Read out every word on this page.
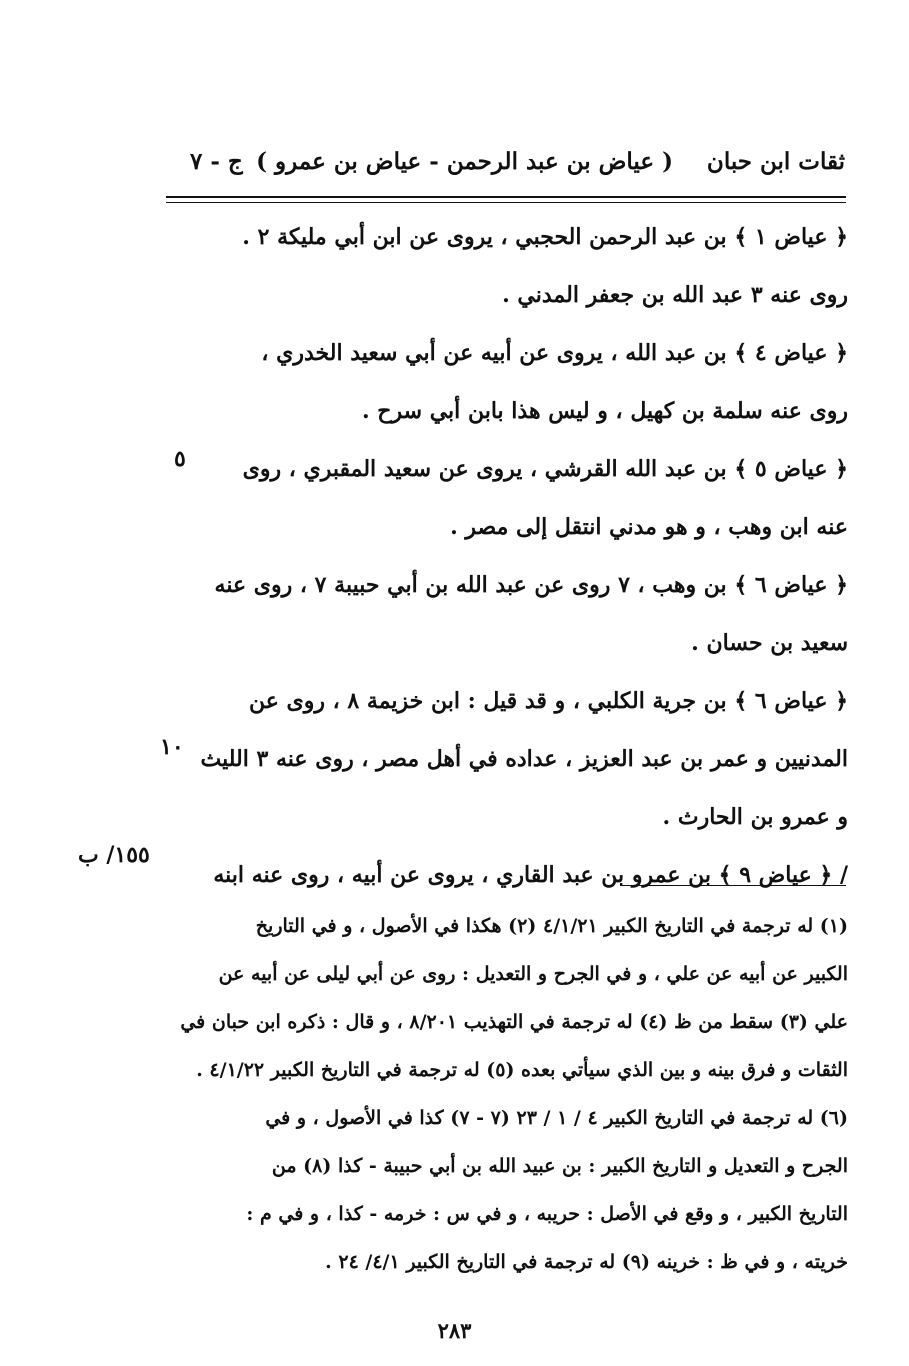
ثقات ابن حبان
( عياض بن عبد الرحمن - عياض بن عمرو )
ج - ٧
﴿ عياض ١ ﴾ بن عبد الرحمن الحجبي ، يروى عن ابن أبي مليكة ٢ .
روى عنه ٣ عبد الله بن جعفر المدني .
﴿ عياض ٤ ﴾ بن عبد الله ، يروى عن أبيه عن أبي سعيد الخدري ،
روى عنه سلمة بن كهيل ، و ليس هذا بابن أبي سرح .
﴿ عياض ٥ ﴾ بن عبد الله القرشي ، يروى عن سعيد المقبري ، روى
عنه ابن وهب ، و هو مدني انتقل إلى مصر .
﴿ عياض ٦ ﴾ بن وهب ، ٧ روى عن عبد الله بن أبي حبيبة ٧ ، روى عنه
سعيد بن حسان .
﴿ عياض ٦ ﴾ بن جرية الكلبي ، و قد قيل : ابن خزيمة ٨ ، روى عن
المدنيين و عمر بن عبد العزيز ، عداده في أهل مصر ، روى عنه ٣ الليث
و عمرو بن الحارث .
/ ﴿ عياض ٩ ﴾ بن عمرو بن عبد القاري ، يروى عن أبيه ، روى عنه ابنه
٥
١٠
١٥٥/ ب
(١) له ترجمة في التاريخ الكبير ٤/١/٢١ (٢) هكذا في الأصول ، و في التاريخ
الكبير عن أبيه عن علي ، و في الجرح و التعديل : روى عن أبي ليلى عن أبيه عن
علي (٣) سقط من ظ (٤) له ترجمة في التهذيب ٨/٢٠١ ، و قال : ذكره ابن حبان في
الثقات و فرق بينه و بين الذي سيأتي بعده (٥) له ترجمة في التاريخ الكبير ٤/١/٢٢ .
(٦) له ترجمة في التاريخ الكبير ٤ / ١ / ٢٣ (٧ - ٧) كذا في الأصول ، و في
الجرح و التعديل و التاريخ الكبير : بن عبيد الله بن أبي حبيبة - كذا (٨) من
التاريخ الكبير ، و وقع في الأصل : حريبه ، و في س : خرمه - كذا ، و في م :
خريته ، و في ظ : خرينه (٩) له ترجمة في التاريخ الكبير ٤/١/ ٢٤ .
٢٨٣
